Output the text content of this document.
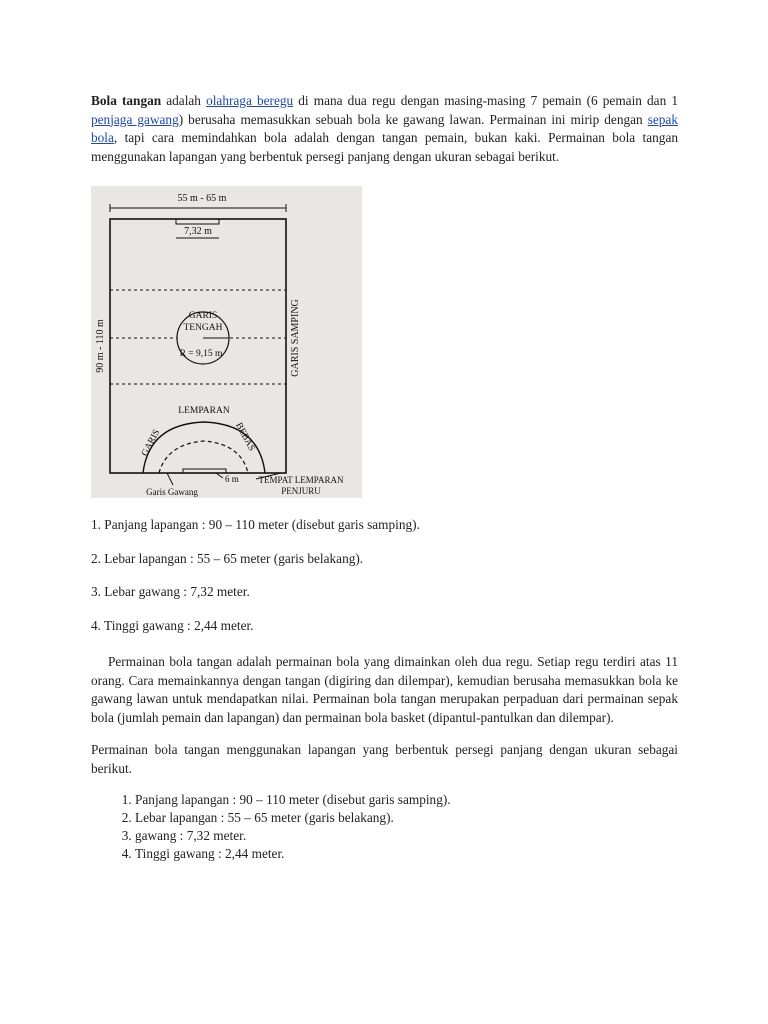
Bola tangan adalah olahraga beregu di mana dua regu dengan masing-masing 7 pemain (6 pemain dan 1 penjaga gawang) berusaha memasukkan sebuah bola ke gawang lawan. Permainan ini mirip dengan sepak bola, tapi cara memindahkan bola adalah dengan tangan pemain, bukan kaki. Permainan bola tangan menggunakan lapangan yang berbentuk persegi panjang dengan ukuran sebagai berikut.

55 m - 65 m
7,32 m
GARIS
TENGAH
R = 9,15 m
90 m - 110 m	GARIS SAMPING
LEMPARAN
GARIS	BEBAS
6 m TEMPAT LEMPARAN
PENJURU
Garis Gawang

1. Panjang lapangan : 90 – 110 meter (disebut garis samping).

2. Lebar lapangan : 55 – 65 meter (garis belakang).

3. Lebar gawang : 7,32 meter.

4. Tinggi gawang : 2,44 meter.

Permainan bola tangan adalah permainan bola yang dimainkan oleh dua regu. Setiap regu terdiri atas 11 orang. Cara memainkannya dengan tangan (digiring dan dilempar), kemudian berusaha memasukkan bola ke gawang lawan untuk mendapatkan nilai. Permainan bola tangan merupakan perpaduan dari permainan sepak bola (jumlah pemain dan lapangan) dan permainan bola basket (dipantul-pantulkan dan dilempar).

Permainan bola tangan menggunakan lapangan yang berbentuk persegi panjang dengan ukuran sebagai berikut.

1. Panjang lapangan : 90 – 110 meter (disebut garis samping).
2. Lebar lapangan : 55 – 65 meter (garis belakang).
3. gawang : 7,32 meter.
4. Tinggi gawang : 2,44 meter.
